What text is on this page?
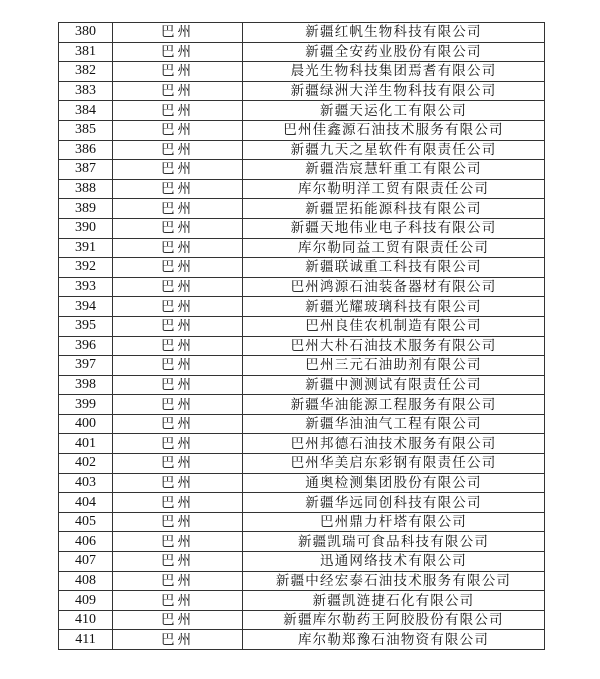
380	巴州	新疆红帆生物科技有限公司
381	巴州	新疆全安药业股份有限公司
382	巴州	晨光生物科技集团焉耆有限公司
383	巴州	新疆绿洲大洋生物科技有限公司
384	巴州	新疆天运化工有限公司
385	巴州	巴州佳鑫源石油技术服务有限公司
386	巴州	新疆九天之星软件有限责任公司
387	巴州	新疆浩宸慧轩重工有限公司
388	巴州	库尔勒明洋工贸有限责任公司
389	巴州	新疆罡拓能源科技有限公司
390	巴州	新疆天地伟业电子科技有限公司
391	巴州	库尔勒同益工贸有限责任公司
392	巴州	新疆联诚重工科技有限公司
393	巴州	巴州鸿源石油装备器材有限公司
394	巴州	新疆光耀玻璃科技有限公司
395	巴州	巴州良佳农机制造有限公司
396	巴州	巴州大朴石油技术服务有限公司
397	巴州	巴州三元石油助剂有限公司
398	巴州	新疆中测测试有限责任公司
399	巴州	新疆华油能源工程服务有限公司
400	巴州	新疆华油油气工程有限公司
401	巴州	巴州邦德石油技术服务有限公司
402	巴州	巴州华美启东彩钢有限责任公司
403	巴州	通奥检测集团股份有限公司
404	巴州	新疆华远同创科技有限公司
405	巴州	巴州鼎力杆塔有限公司
406	巴州	新疆凯瑞可食品科技有限公司
407	巴州	迅通网络技术有限公司
408	巴州	新疆中经宏泰石油技术服务有限公司
409	巴州	新疆凯涟捷石化有限公司
410	巴州	新疆库尔勒药王阿胶股份有限公司
411	巴州	库尔勒郑豫石油物资有限公司
